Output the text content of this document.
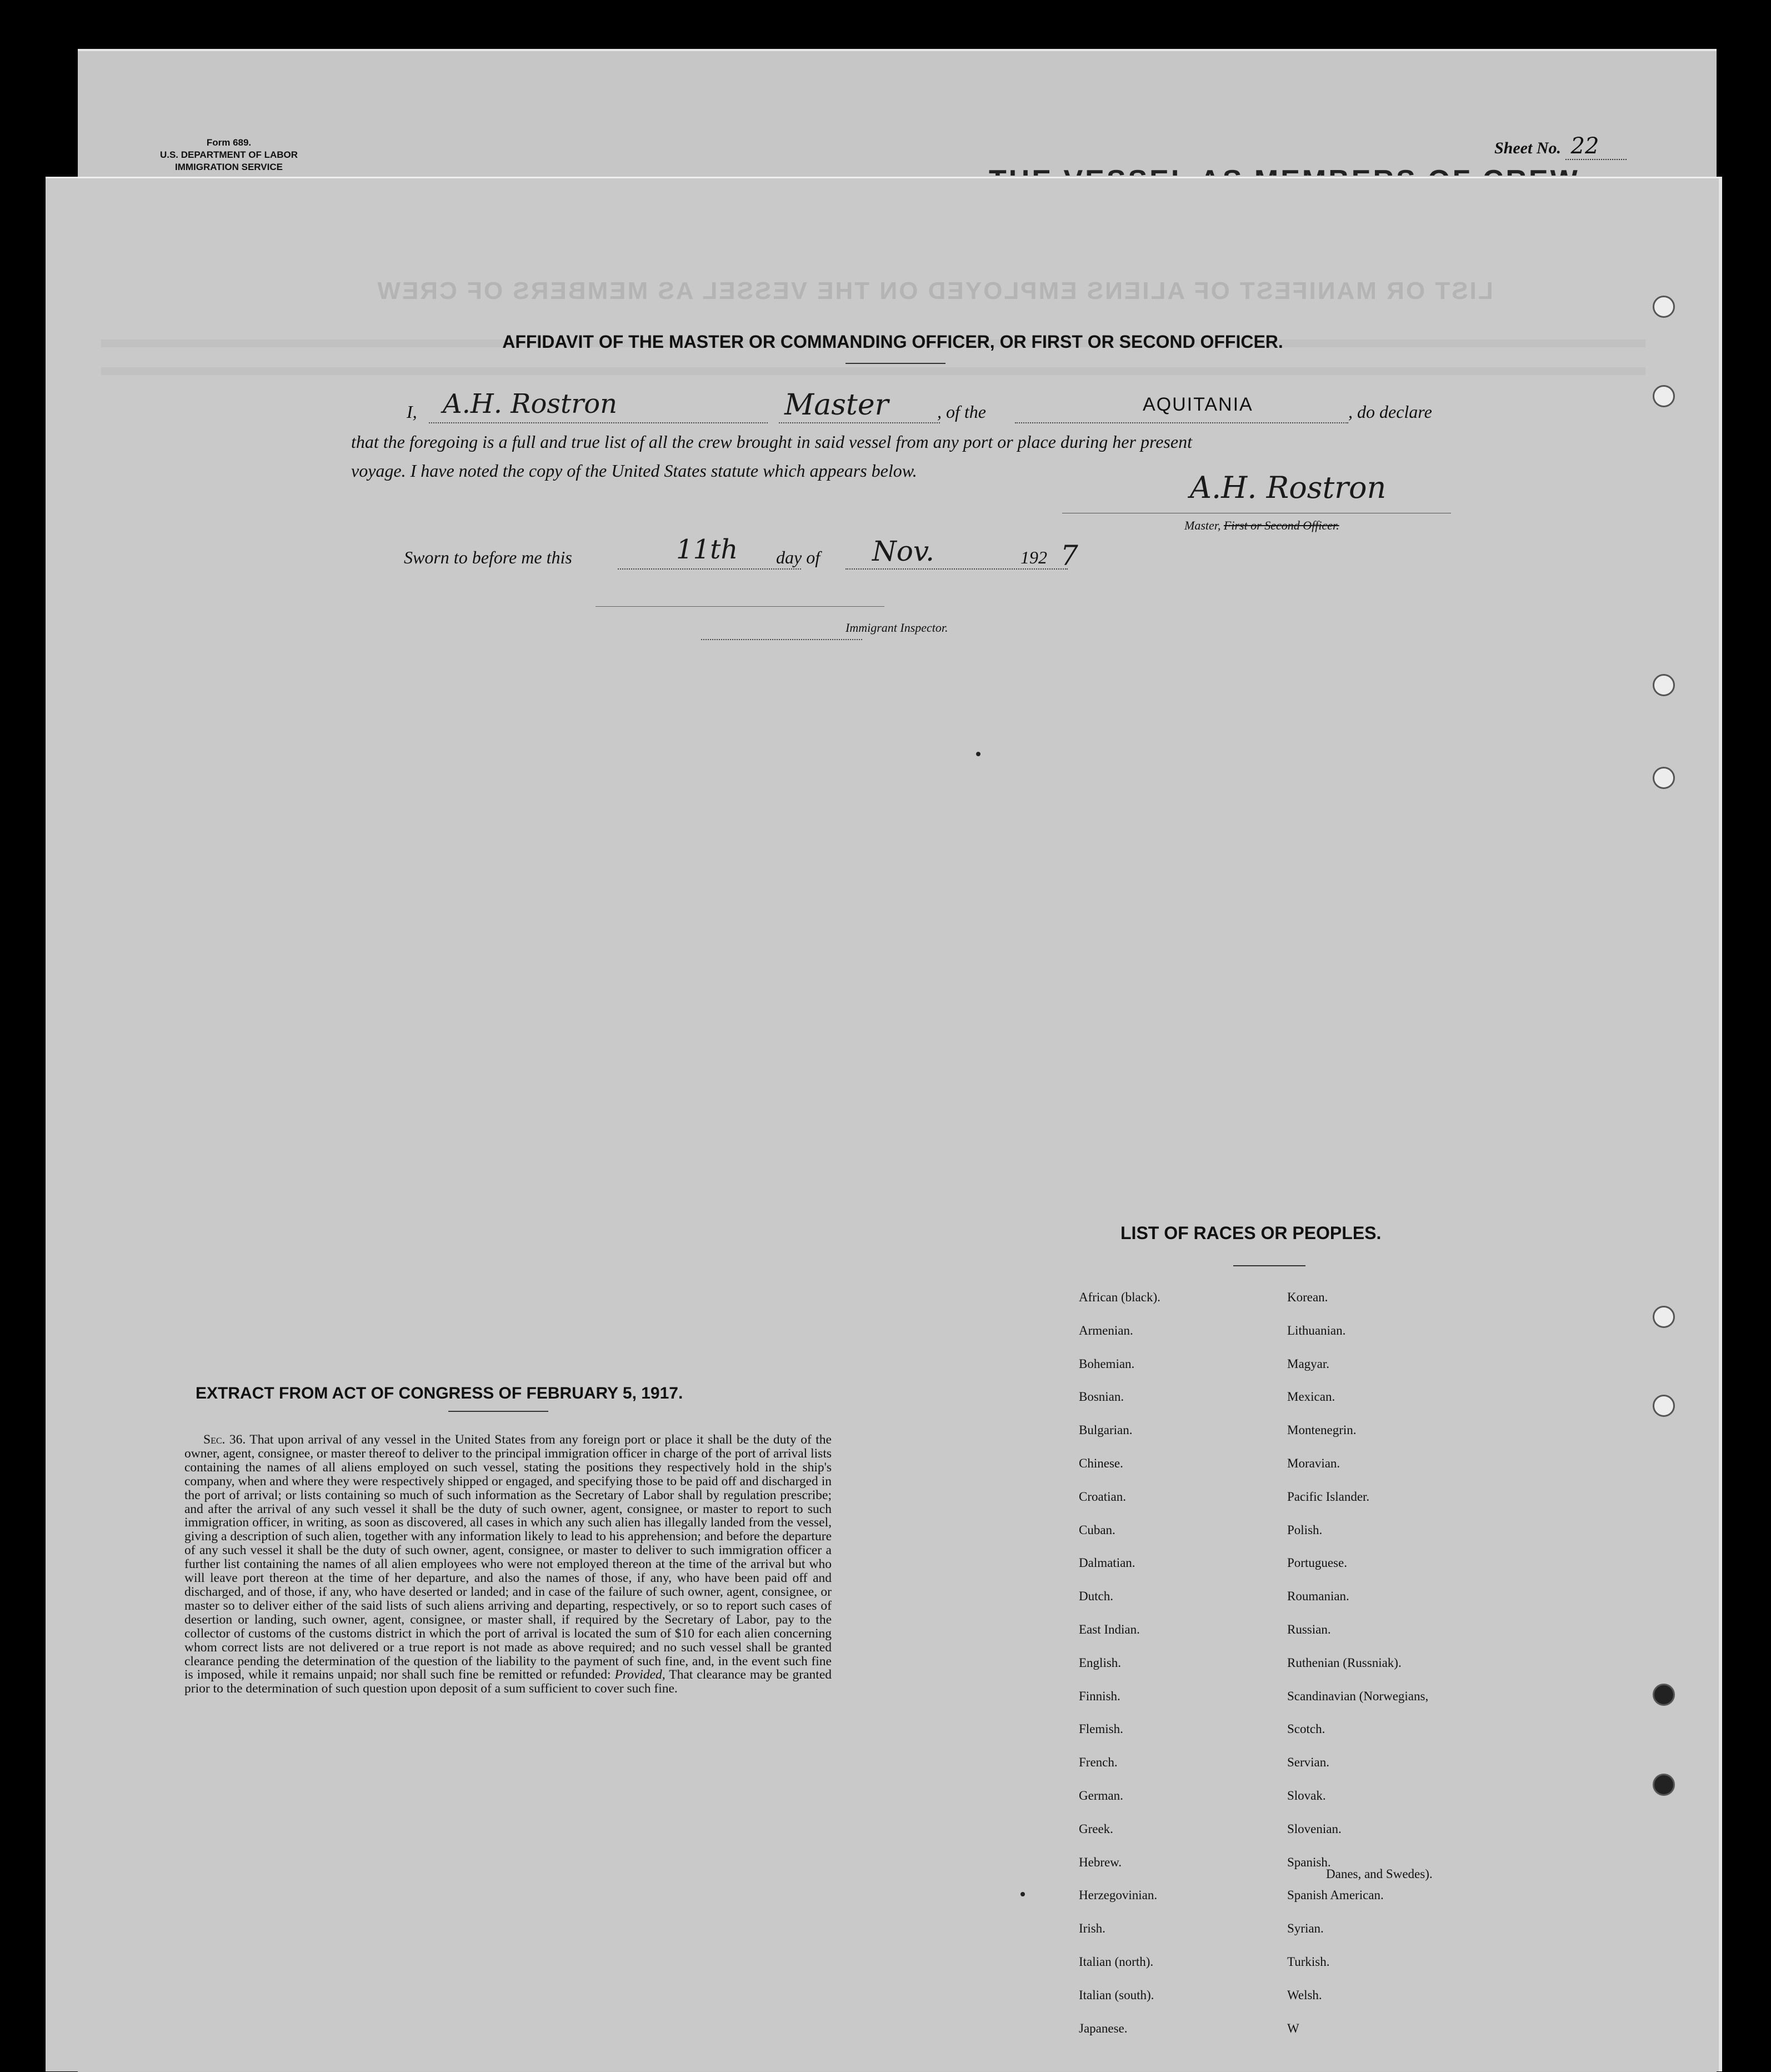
Form 689.
U.S. DEPARTMENT OF LABOR
IMMIGRATION SERVICE
Sheet No. 22
LIST OR MANIFEST OF ALIENS EMPLOYED ON THE VESSEL AS MEMBERS OF CREW
AFFIDAVIT OF THE MASTER OR COMMANDING OFFICER, OR FIRST OR SECOND OFFICER.
I, A.H. Rostron	Master	, of the	AQUITANIA	, do declare
that the foregoing is a full and true list of all the crew brought in said vessel from any port or place during her present
voyage. I have noted the copy of the United States statute which appears below.	A.H. Rostron
Master, First or Second Officer.
Sworn to before me this	11th day of Nov.	192 7
Immigrant Inspector.
EXTRACT FROM ACT OF CONGRESS OF FEBRUARY 5, 1917.
Sec. 36. That upon arrival of any vessel in the United States from any foreign port or place it shall be the duty of the owner, agent, consignee, or master thereof to deliver to the principal immigration officer in charge of the port of arrival lists containing the names of all aliens employed on such vessel, stating the positions they respectively hold in the ship's company, when and where they were respectively shipped or engaged, and specifying those to be paid off and discharged in the port of arrival; or lists containing so much of such information as the Secretary of Labor shall by regulation prescribe; and after the arrival of any such vessel it shall be the duty of such owner, agent, consignee, or master to report to such immigration officer, in writing, as soon as discovered, all cases in which any such alien has illegally landed from the vessel, giving a description of such alien, together with any information likely to lead to his apprehension; and before the departure of any such vessel it shall be the duty of such owner, agent, consignee, or master to deliver to such immigration officer a further list containing the names of all alien employees who were not employed thereon at the time of the arrival but who will leave port thereon at the time of her departure, and also the names of those, if any, who have been paid off and discharged, and of those, if any, who have deserted or landed; and in case of the failure of such owner, agent, consignee, or master so to deliver either of the said lists of such aliens arriving and departing, respectively, or so to report such cases of desertion or landing, such owner, agent, consignee, or master shall, if required by the Secretary of Labor, pay to the collector of customs of the customs district in which the port of arrival is located the sum of $10 for each alien concerning whom correct lists are not delivered or a true report is not made as above required; and no such vessel shall be granted clearance pending the determination of the question of the liability to the payment of such fine, and, in the event such fine is imposed, while it remains unpaid; nor shall such fine be remitted or refunded: Provided, That clearance may be granted prior to the determination of such question upon deposit of a sum sufficient to cover such fine.
LIST OF RACES OR PEOPLES.
African (black).
Armenian.
Bohemian.
Bosnian.
Bulgarian.
Chinese.
Croatian.
Cuban.
Dalmatian.
Dutch.
East Indian.
English.
Finnish.
Flemish.
French.
German.
Greek.
Hebrew.
Herzegovinian.
Irish.
Italian (north).
Italian (south).
Japanese.
Korean.
Lithuanian.
Magyar.
Mexican.
Montenegrin.
Moravian.
Pacific Islander.
Polish.
Portuguese.
Roumanian.
Russian.
Ruthenian (Russniak).
Scandinavian (Norwegians,
Scotch.
Servian.
Slovak.
Slovenian.
Spanish.
Spanish American.
Syrian.
Turkish.
Welsh.
W
Danes, and Swedes).
